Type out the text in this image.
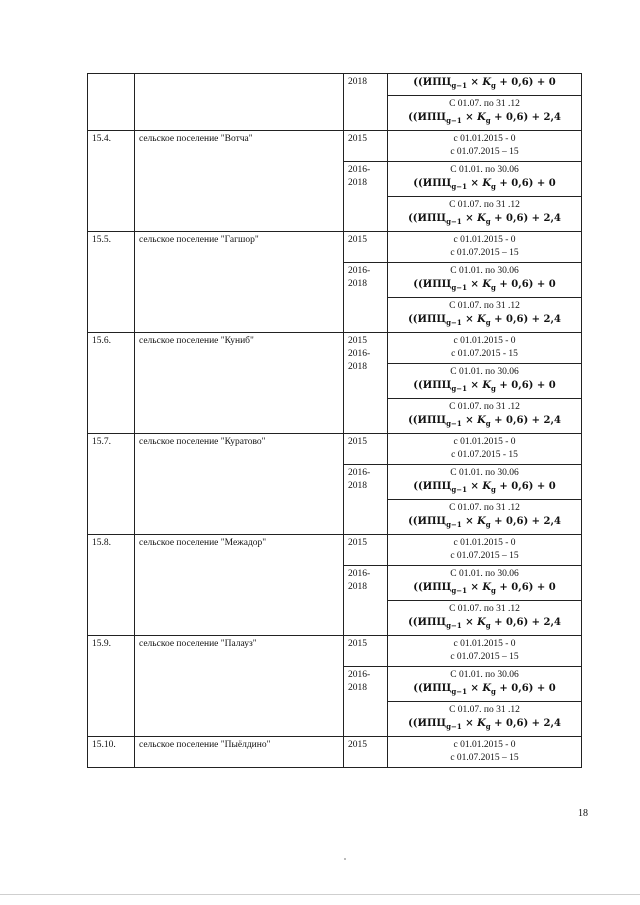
		2018	($(ИПЦ_{g-1} \times K_g + 0,6) + 0$

			С 01.07. по 31 .12
($(ИПЦ_{g-1} \times K_g + 0,6) + 2,4$

15.4.	сельское поселение "Вотча"	2015	с 01.01.2015 - 0
с 01.07.2015 – 15

		2016-
2018	С 01.01. по 30.06
($(ИПЦ_{g-1} \times K_g + 0,6) + 0$

			С 01.07. по 31 .12
($(ИПЦ_{g-1} \times K_g + 0,6) + 2,4$

15.5.	сельское поселение "Гагшор"	2015	с 01.01.2015 - 0
с 01.07.2015 – 15

		2016-
2018	С 01.01. по 30.06
($(ИПЦ_{g-1} \times K_g + 0,6) + 0$

			С 01.07. по 31 .12
($(ИПЦ_{g-1} \times K_g + 0,6) + 2,4$

15.6.	сельское поселение "Куниб"	2015
2016-
2018	с 01.01.2015 - 0
с 01.07.2015 - 15

			С 01.01. по 30.06
($(ИПЦ_{g-1} \times K_g + 0,6) + 0$

			С 01.07. по 31 .12
($(ИПЦ_{g-1} \times K_g + 0,6) + 2,4$

15.7.	сельское поселение "Куратово"	2015	с 01.01.2015 - 0
с 01.07.2015 - 15

		2016-
2018	С 01.01. по 30.06
($(ИПЦ_{g-1} \times K_g + 0,6) + 0$

			С 01.07. по 31 .12
($(ИПЦ_{g-1} \times K_g + 0,6) + 2,4$

15.8.	сельское поселение "Межадор"	2015	с 01.01.2015 - 0
с 01.07.2015 – 15

		2016-
2018	С 01.01. по 30.06
($(ИПЦ_{g-1} \times K_g + 0,6) + 0$

			С 01.07. по 31 .12
($(ИПЦ_{g-1} \times K_g + 0,6) + 2,4$

15.9.	сельское поселение "Палауз"	2015	с 01.01.2015 - 0
с 01.07.2015 – 15

		2016-
2018	С 01.01. по 30.06
($(ИПЦ_{g-1} \times K_g + 0,6) + 0$

			С 01.07. по 31 .12
($(ИПЦ_{g-1} \times K_g + 0,6) + 2,4$

15.10.	сельское поселение "Пыёлдино"	2015	с 01.01.2015 - 0
с 01.07.2015 – 15
18
